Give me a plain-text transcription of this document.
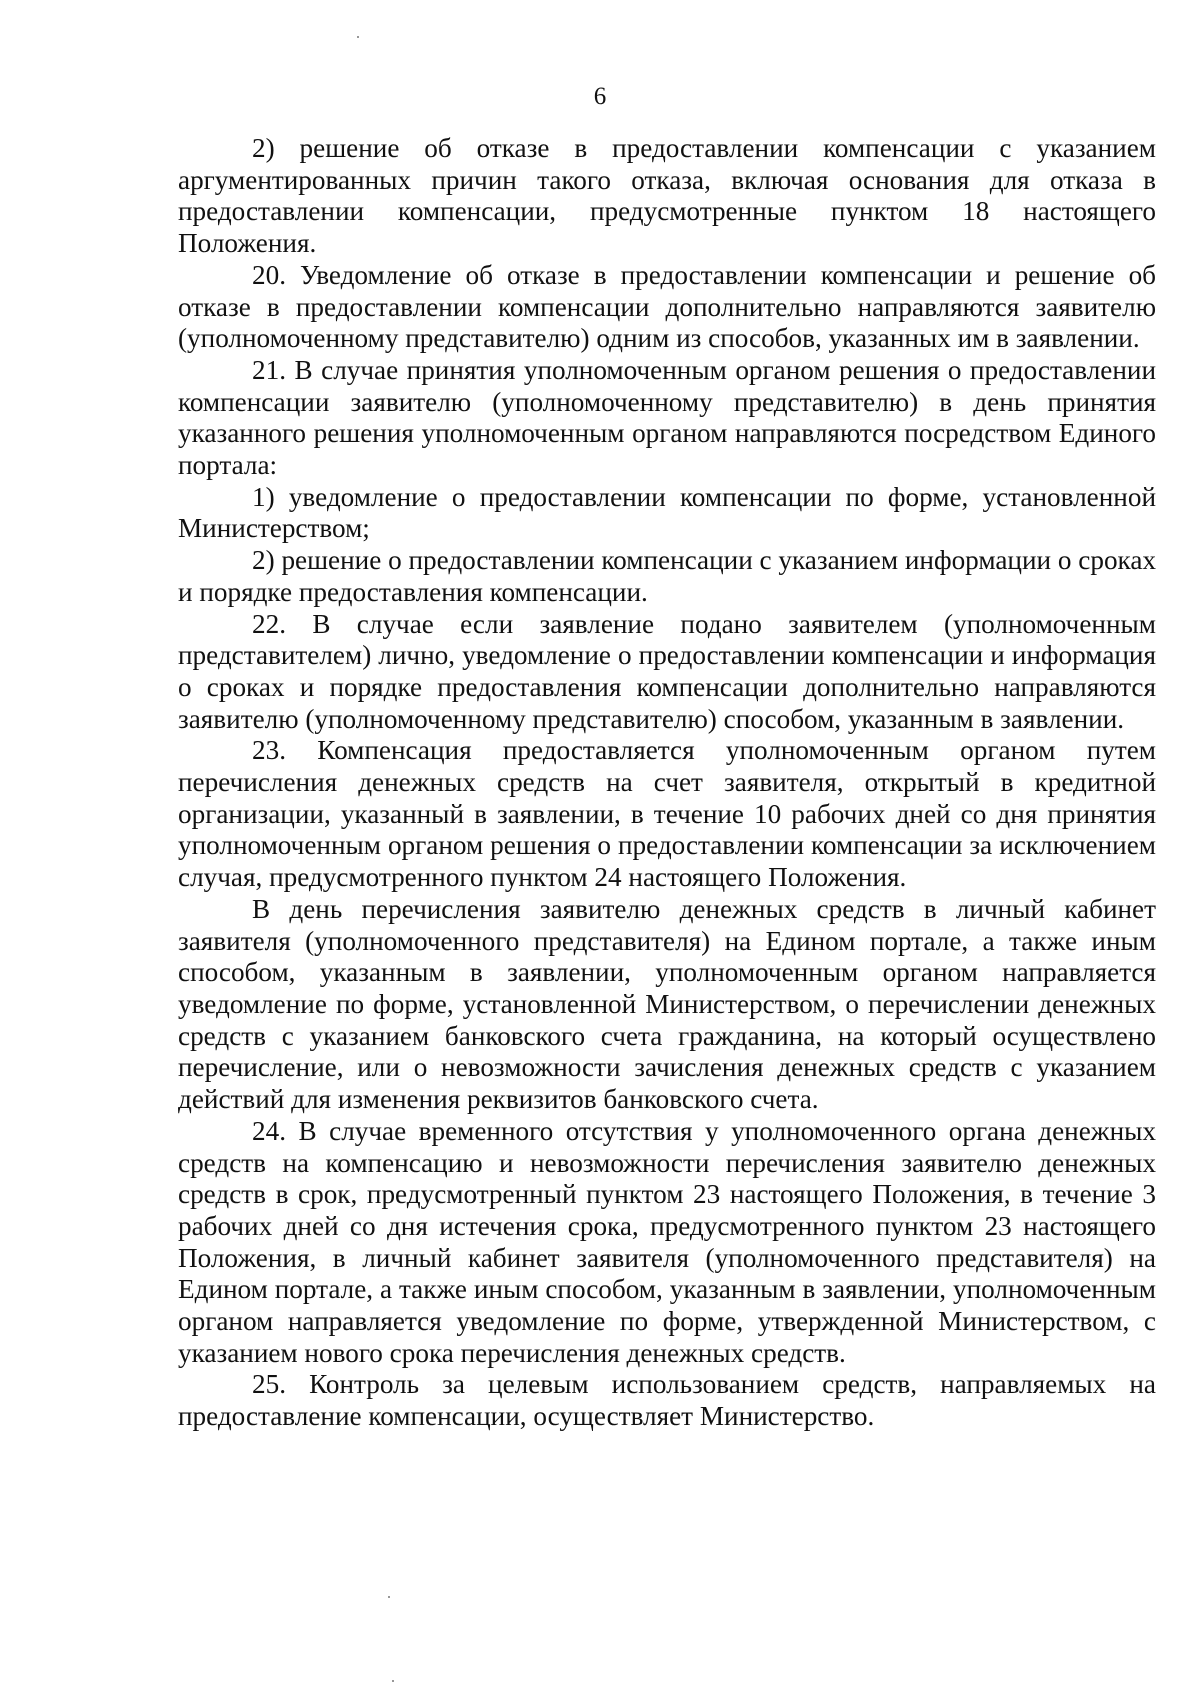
6

2) решение об отказе в предоставлении компенсации с указанием аргументированных причин такого отказа, включая основания для отказа в предоставлении компенсации, предусмотренные пунктом 18 настоящего Положения.

20. Уведомление об отказе в предоставлении компенсации и решение об отказе в предоставлении компенсации дополнительно направляются заявителю (уполномоченному представителю) одним из способов, указанных им в заявлении.

21. В случае принятия уполномоченным органом решения о предоставлении компенсации заявителю (уполномоченному представителю) в день принятия указанного решения уполномоченным органом направляются посредством Единого портала:

1) уведомление о предоставлении компенсации по форме, установленной Министерством;

2) решение о предоставлении компенсации с указанием информации о сроках и порядке предоставления компенсации.

22. В случае если заявление подано заявителем (уполномоченным представителем) лично, уведомление о предоставлении компенсации и информация о сроках и порядке предоставления компенсации дополнительно направляются заявителю (уполномоченному представителю) способом, указанным в заявлении.

23. Компенсация предоставляется уполномоченным органом путем перечисления денежных средств на счет заявителя, открытый в кредитной организации, указанный в заявлении, в течение 10 рабочих дней со дня принятия уполномоченным органом решения о предоставлении компенсации за исключением случая, предусмотренного пунктом 24 настоящего Положения.

В день перечисления заявителю денежных средств в личный кабинет заявителя (уполномоченного представителя) на Едином портале, а также иным способом, указанным в заявлении, уполномоченным органом направляется уведомление по форме, установленной Министерством, о перечислении денежных средств с указанием банковского счета гражданина, на который осуществлено перечисление, или о невозможности зачисления денежных средств с указанием действий для изменения реквизитов банковского счета.

24. В случае временного отсутствия у уполномоченного органа денежных средств на компенсацию и невозможности перечисления заявителю денежных средств в срок, предусмотренный пунктом 23 настоящего Положения, в течение 3 рабочих дней со дня истечения срока, предусмотренного пунктом 23 настоящего Положения, в личный кабинет заявителя (уполномоченного представителя) на Едином портале, а также иным способом, указанным в заявлении, уполномоченным органом направляется уведомление по форме, утвержденной Министерством, с указанием нового срока перечисления денежных средств.

25. Контроль за целевым использованием средств, направляемых на предоставление компенсации, осуществляет Министерство.
